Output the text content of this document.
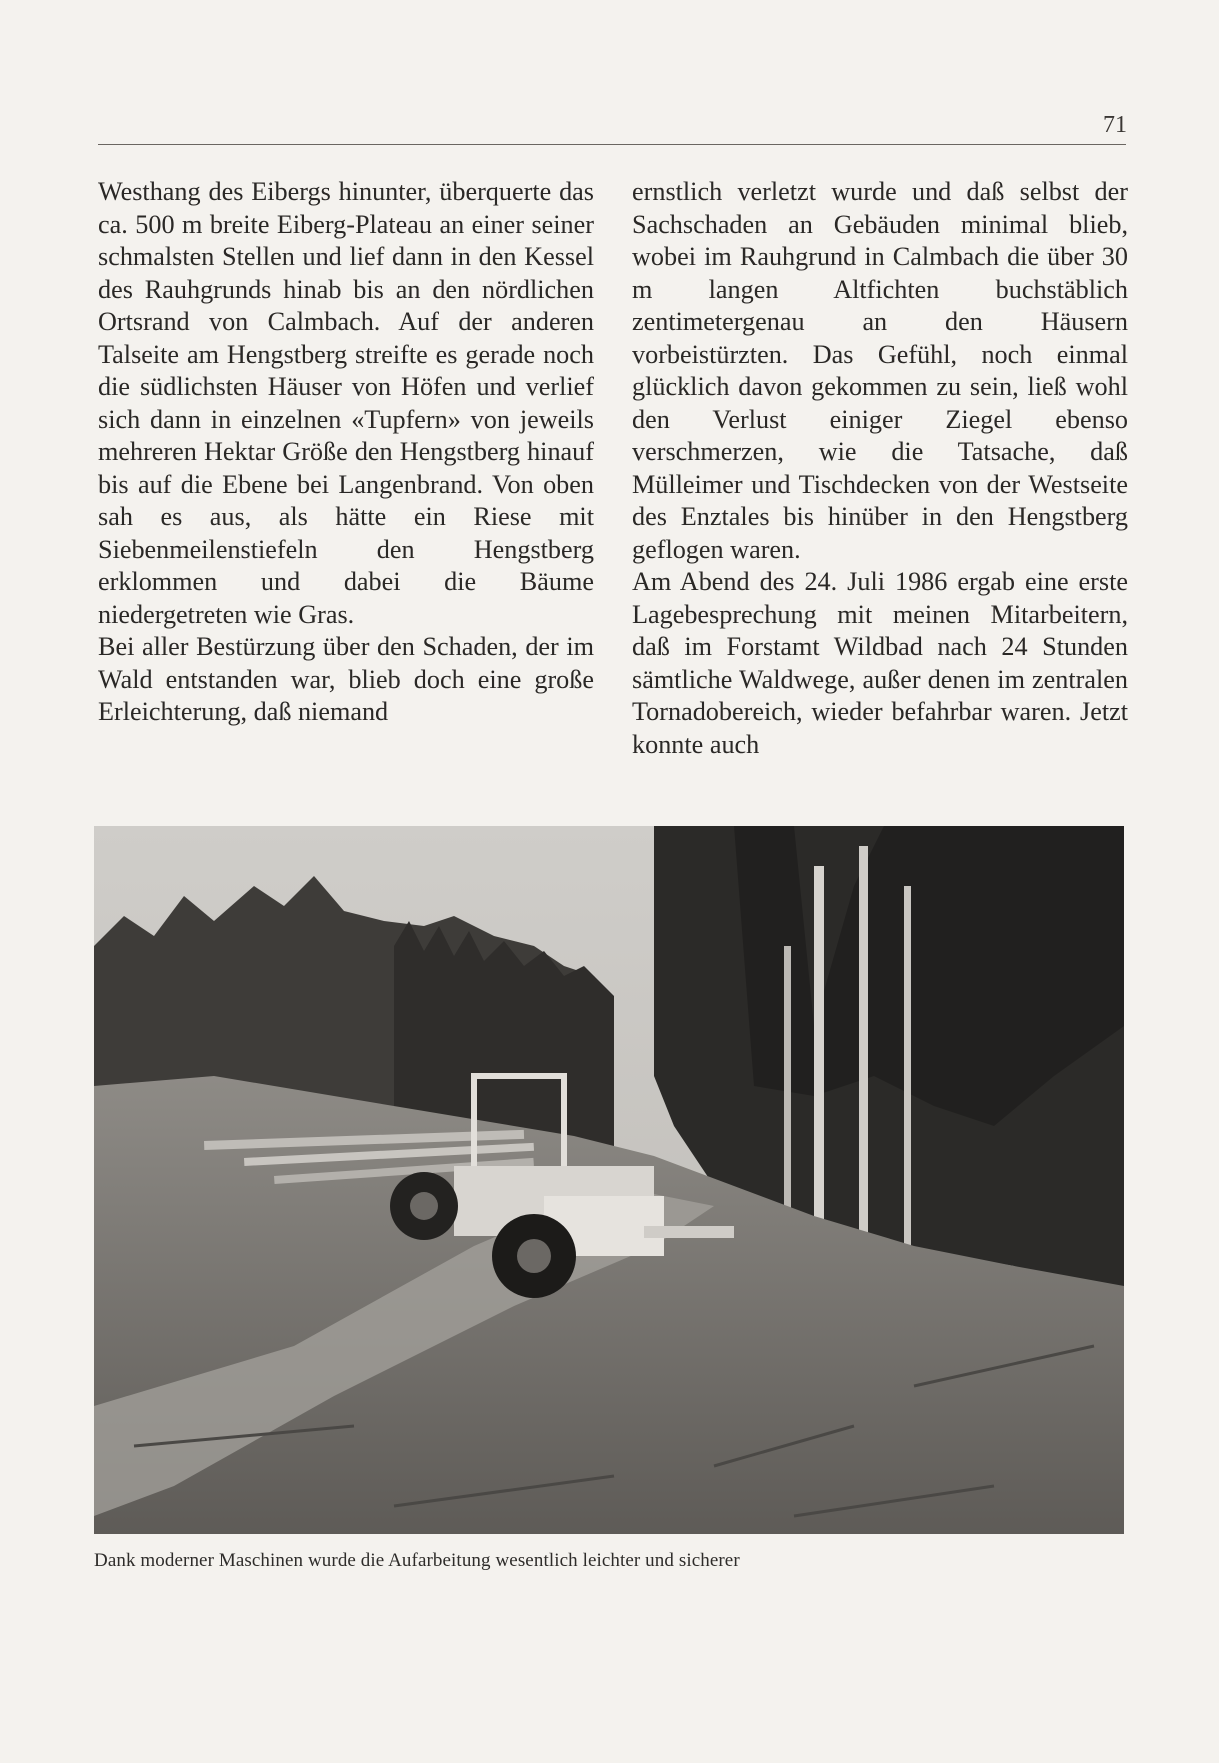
71

Westhang des Eibergs hinunter, überquerte das ca. 500 m breite Eiberg-Plateau an einer seiner schmalsten Stellen und lief dann in den Kessel des Rauhgrunds hinab bis an den nördlichen Ortsrand von Calmbach. Auf der anderen Talseite am Hengstberg streifte es gerade noch die südlichsten Häuser von Höfen und verlief sich dann in einzelnen «Tupfern» von jeweils mehreren Hektar Größe den Hengstberg hinauf bis auf die Ebene bei Langenbrand. Von oben sah es aus, als hätte ein Riese mit Siebenmeilenstiefeln den Hengstberg erklommen und dabei die Bäume niedergetreten wie Gras.

Bei aller Bestürzung über den Schaden, der im Wald entstanden war, blieb doch eine große Erleichterung, daß niemand

ernstlich verletzt wurde und daß selbst der Sachschaden an Gebäuden minimal blieb, wobei im Rauhgrund in Calmbach die über 30 m langen Altfichten buchstäblich zentimetergenau an den Häusern vorbeistürzten. Das Gefühl, noch einmal glücklich davon gekommen zu sein, ließ wohl den Verlust einiger Ziegel ebenso verschmerzen, wie die Tatsache, daß Mülleimer und Tischdecken von der Westseite des Enztales bis hinüber in den Hengstberg geflogen waren.

Am Abend des 24. Juli 1986 ergab eine erste Lagebesprechung mit meinen Mitarbeitern, daß im Forstamt Wildbad nach 24 Stunden sämtliche Waldwege, außer denen im zentralen Tornadobereich, wieder befahrbar waren. Jetzt konnte auch

Dank moderner Maschinen wurde die Aufarbeitung wesentlich leichter und sicherer
